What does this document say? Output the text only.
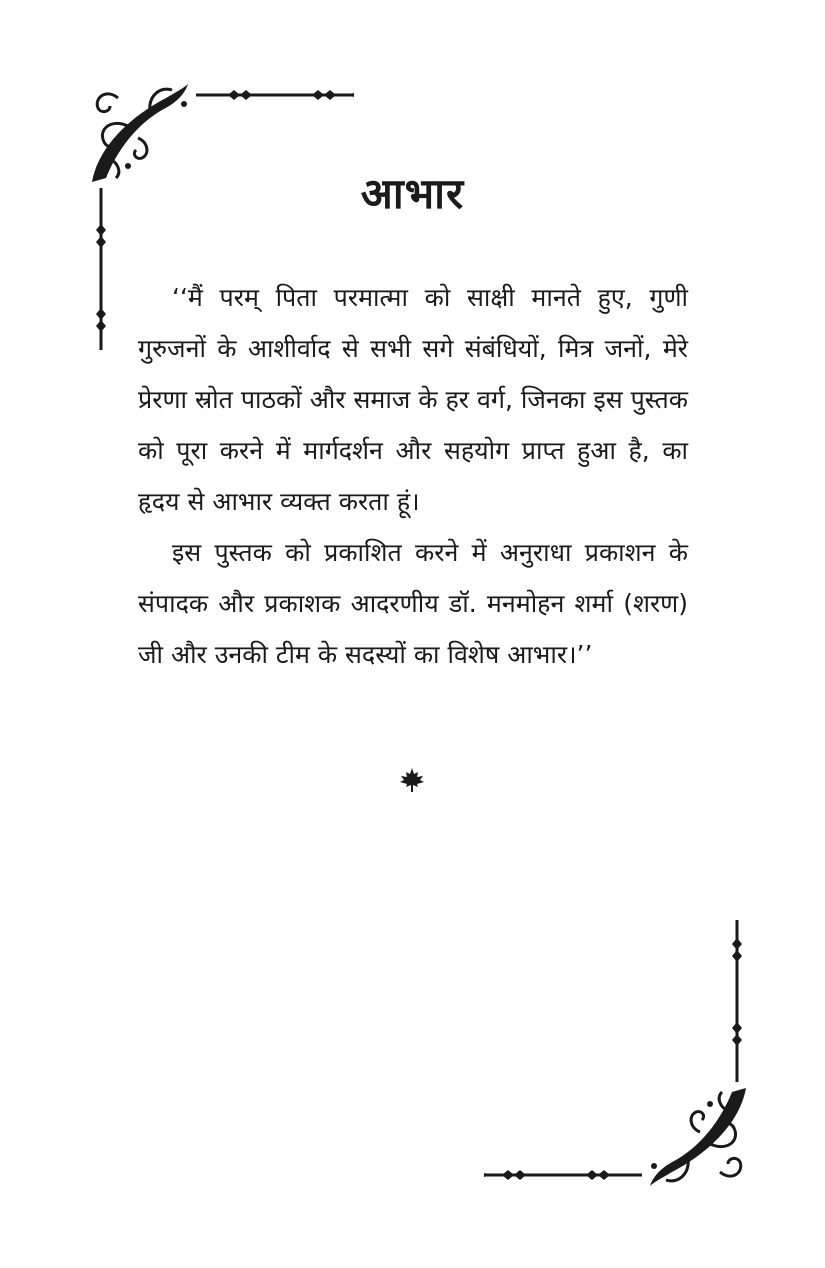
आभार

‘‘मैं परम् पिता परमात्मा को साक्षी मानते हुए, गुणी गुरुजनों के आशीर्वाद से सभी सगे संबंधियों, मित्र जनों, मेरे प्रेरणा स्रोत पाठकों और समाज के हर वर्ग, जिनका इस पुस्तक को पूरा करने में मार्गदर्शन और सहयोग प्राप्त हुआ है, का हृदय से आभार व्यक्त करता हूं।

इस पुस्तक को प्रकाशित करने में अनुराधा प्रकाशन के संपादक और प्रकाशक आदरणीय डॉ. मनमोहन शर्मा (शरण) जी और उनकी टीम के सदस्यों का विशेष आभार।’’
